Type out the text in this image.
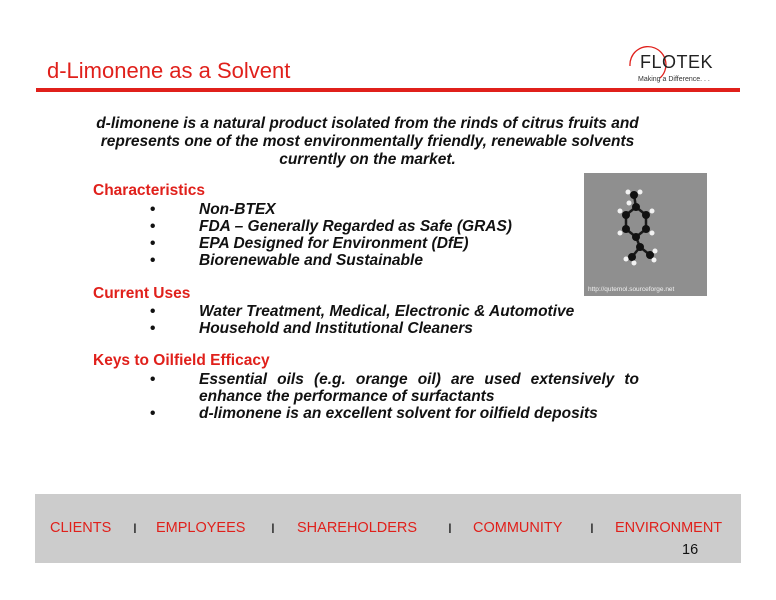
d-Limonene as a Solvent	FLOTEK
Making a Difference. . .

d-limonene is a natural product isolated from the rinds of citrus fruits and represents one of the most environmentally friendly, renewable solvents currently on the market.

Characteristics
•	Non-BTEX
•	FDA – Generally Regarded as Safe (GRAS)
•	EPA Designed for Environment (DfE)
•	Biorenewable and Sustainable
Current Uses
•	Water Treatment, Medical, Electronic & Automotive
•	Household and Institutional Cleaners
Keys to Oilfield Efficacy
•	Essential oils (e.g. orange oil) are used extensively to enhance the performance of surfactants
•	d-limonene is an excellent solvent for oilfield deposits
http://qutemol.sourceforge.net
CLIENTS I EMPLOYEES I SHAREHOLDERS I COMMUNITY I ENVIRONMENT
16
